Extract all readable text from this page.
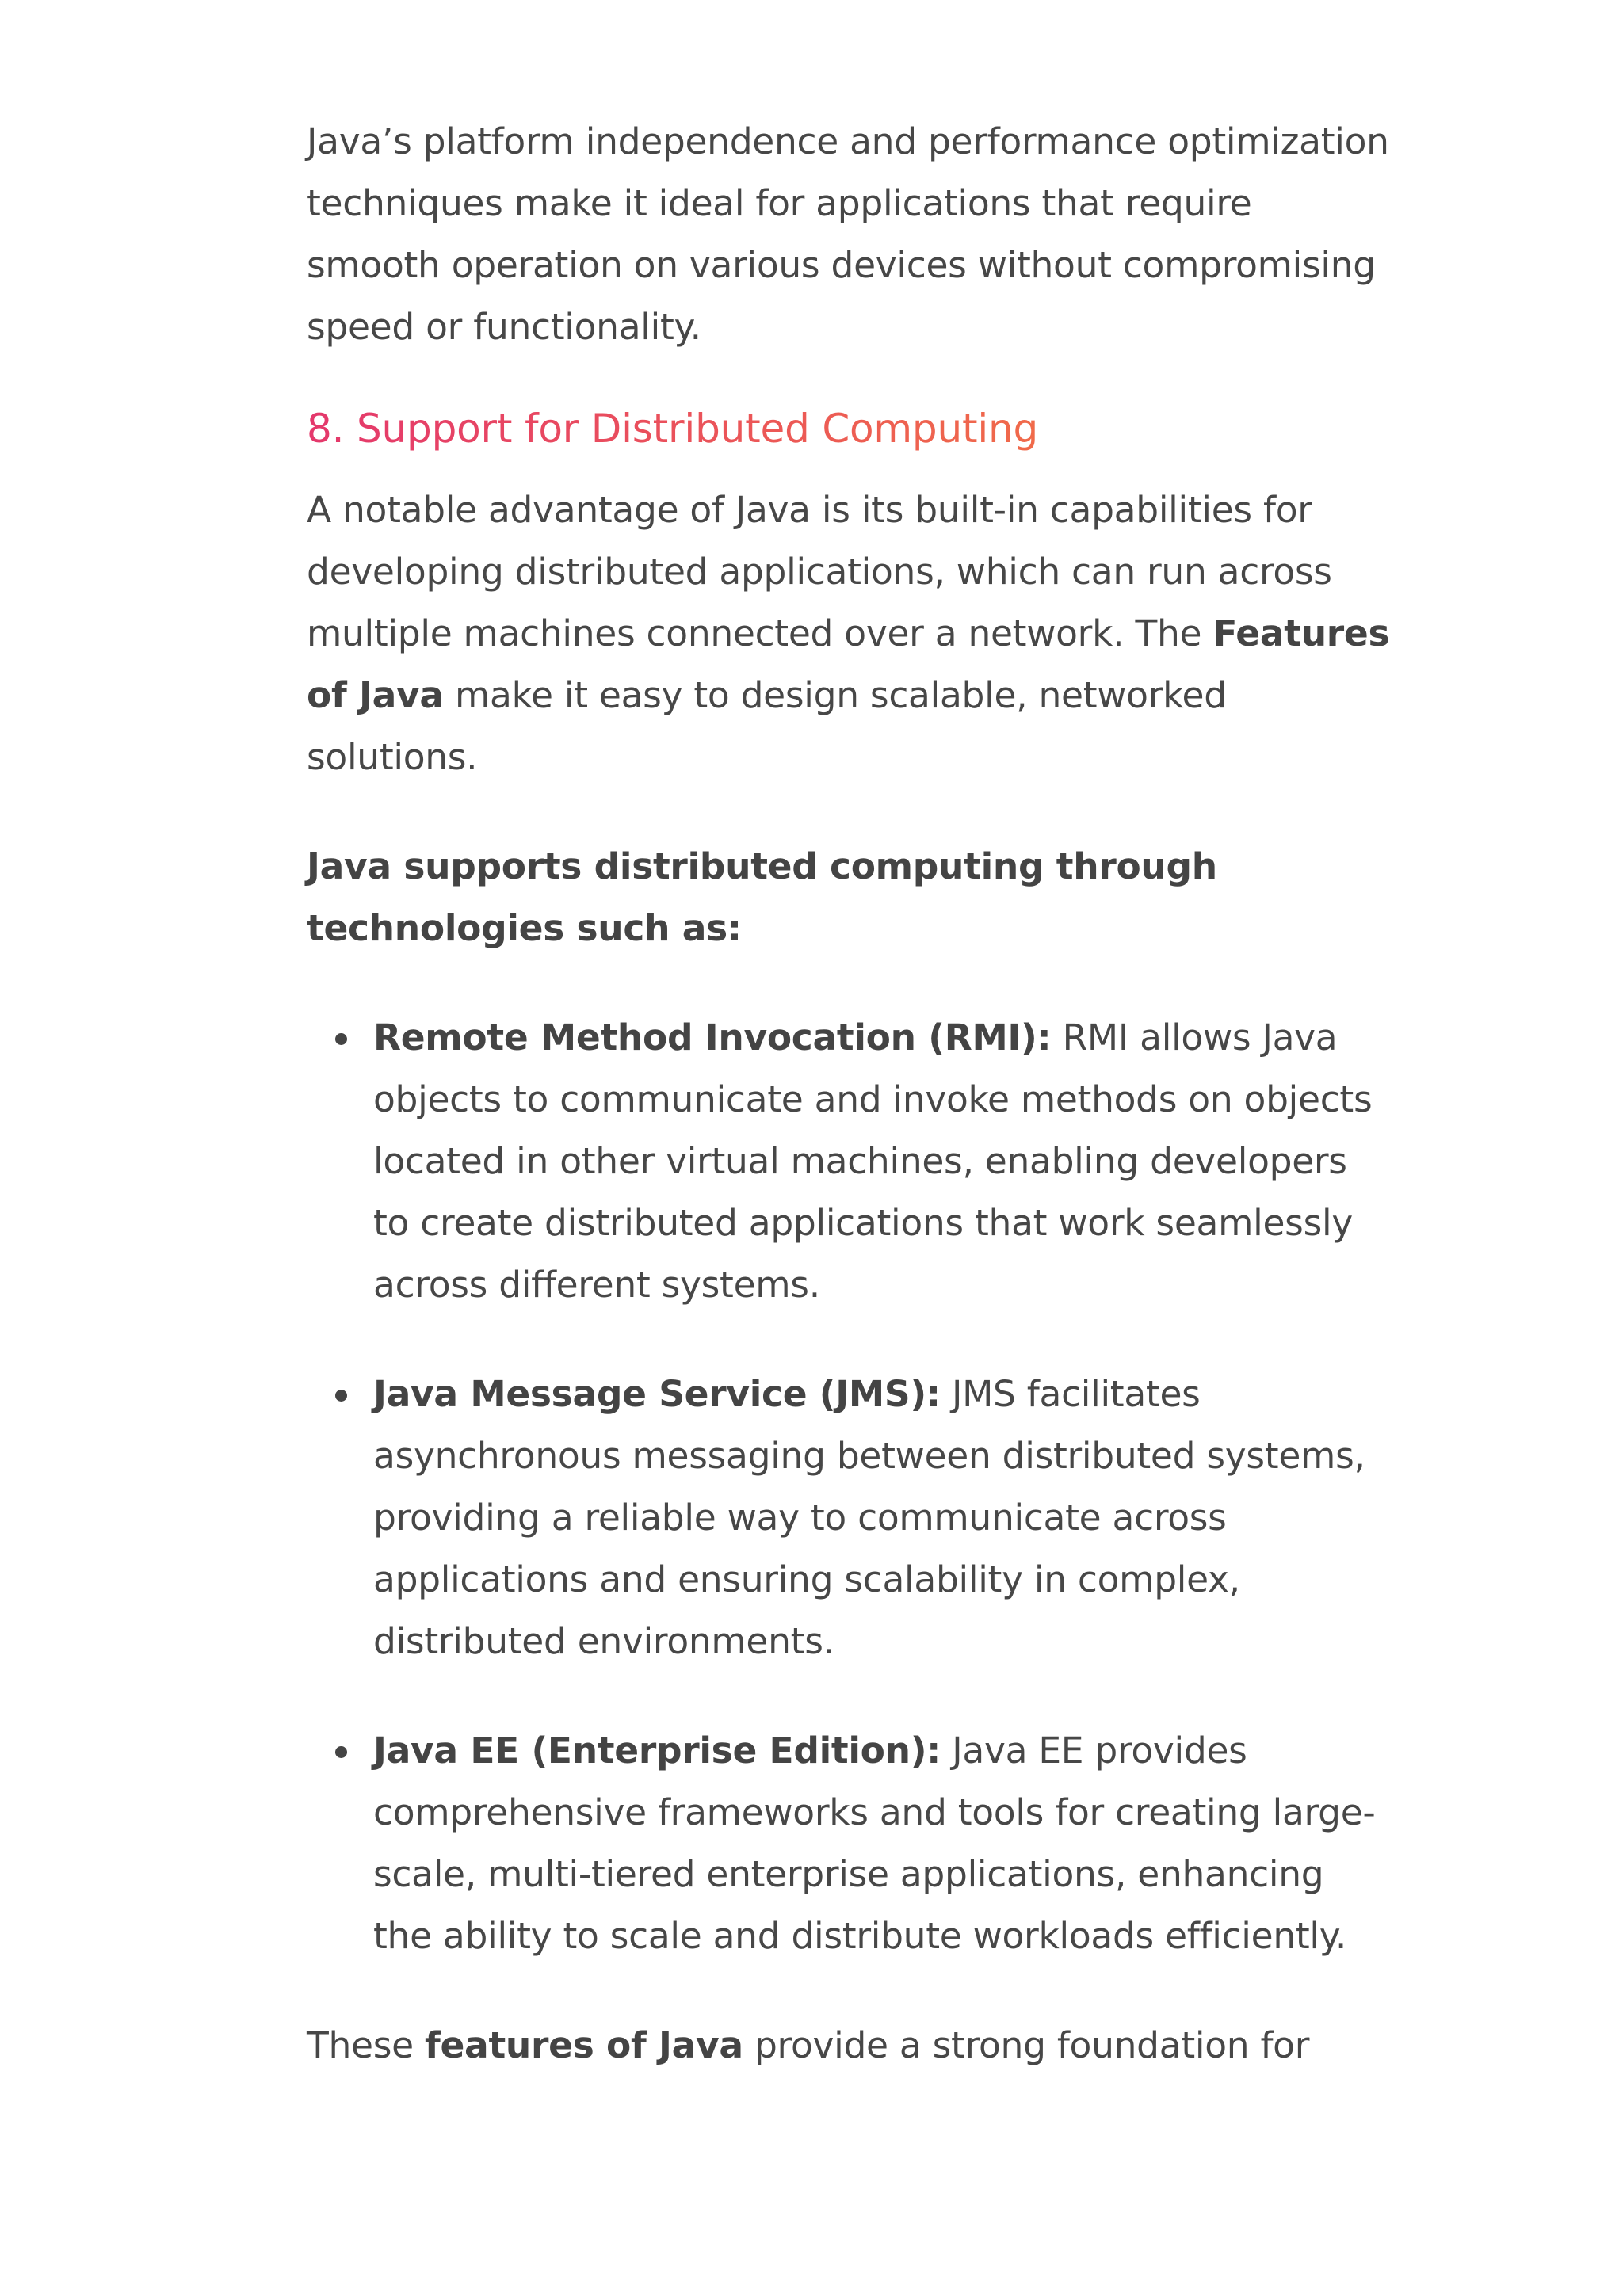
Java’s platform independence and performance optimization techniques make it ideal for applications that require smooth operation on various devices without compromising speed or functionality.

8. Support for Distributed Computing

A notable advantage of Java is its built-in capabilities for developing distributed applications, which can run across multiple machines connected over a network. The Features of Java make it easy to design scalable, networked solutions.

Java supports distributed computing through technologies such as:

Remote Method Invocation (RMI): RMI allows Java objects to communicate and invoke methods on objects located in other virtual machines, enabling developers to create distributed applications that work seamlessly across different systems.

Java Message Service (JMS): JMS facilitates asynchronous messaging between distributed systems, providing a reliable way to communicate across applications and ensuring scalability in complex, distributed environments.

Java EE (Enterprise Edition): Java EE provides comprehensive frameworks and tools for creating large-scale, multi-tiered enterprise applications, enhancing the ability to scale and distribute workloads efficiently.

These features of Java provide a strong foundation for
